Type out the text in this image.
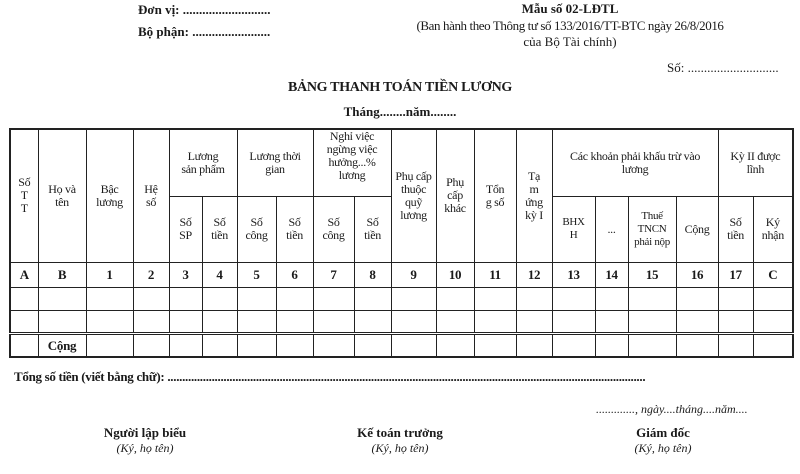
Đơn vị: ...........................
Bộ phận: ........................
Mẫu số 02-LĐTL
(Ban hành theo Thông tư số 133/2016/TT-BTC ngày 26/8/2016
của Bộ Tài chính)
Số: ............................
BẢNG THANH TOÁN TIỀN LƯƠNG
Tháng........năm........
Số T T	Họ và tên	Bậc lương	Hệ số	Lương sản phẩm		Lương thời gian		Nghỉ việc ngừng việc hưởng...% lương		Phụ cấp thuộc quỹ lương	Phụ cấp khác	Tổn g số	Tạ m ứng kỳ I	Các khoản phải khấu trừ vào lương				Kỳ II được lĩnh	
				Số SP	Số tiền	Số công	Số tiền	Số công	Số tiền					BHX H	...	Thuế TNCN phải nộp	Cộng	Số tiền	Ký nhận
A	B	1	2	3	4	5	6	7	8	9	10	11	12	13	14	15	16	17	C

	Cộng																		
Tổng số tiền (viết bằng chữ): ..................................................................................................................................................................
............., ngày....tháng....năm....
Người lập biểu
(Ký, họ tên)
Kế toán trưởng
(Ký, họ tên)
Giám đốc
(Ký, họ tên)
